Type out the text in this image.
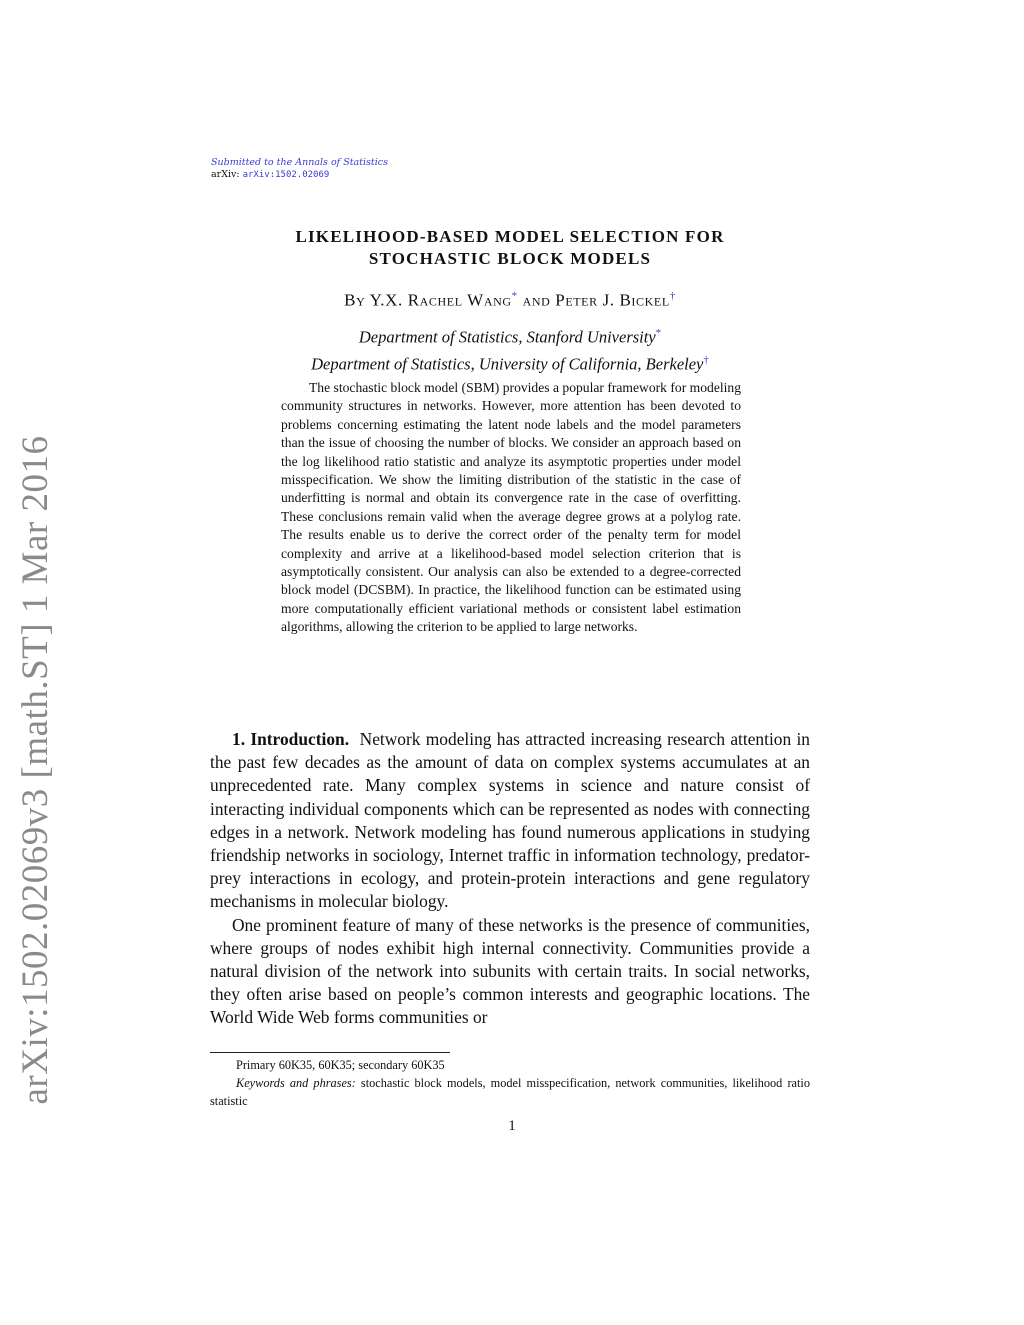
arXiv:1502.02069v3 [math.ST] 1 Mar 2016
Submitted to the Annals of Statistics
arXiv: arXiv:1502.02069
LIKELIHOOD-BASED MODEL SELECTION FOR
STOCHASTIC BLOCK MODELS
By Y.X. Rachel Wang* and Peter J. Bickel†
Department of Statistics, Stanford University*
Department of Statistics, University of California, Berkeley†
The stochastic block model (SBM) provides a popular framework for modeling community structures in networks. However, more attention has been devoted to problems concerning estimating the latent node labels and the model parameters than the issue of choosing the number of blocks. We consider an approach based on the log likelihood ratio statistic and analyze its asymptotic properties under model misspecification. We show the limiting distribution of the statistic in the case of underfitting is normal and obtain its convergence rate in the case of overfitting. These conclusions remain valid when the average degree grows at a polylog rate. The results enable us to derive the correct order of the penalty term for model complexity and arrive at a likelihood-based model selection criterion that is asymptotically consistent. Our analysis can also be extended to a degree-corrected block model (DCSBM). In practice, the likelihood function can be estimated using more computationally efficient variational methods or consistent label estimation algorithms, allowing the criterion to be applied to large networks.

1. Introduction. Network modeling has attracted increasing research attention in the past few decades as the amount of data on complex systems accumulates at an unprecedented rate. Many complex systems in science and nature consist of interacting individual components which can be represented as nodes with connecting edges in a network. Network modeling has found numerous applications in studying friendship networks in sociology, Internet traffic in information technology, predator-prey interactions in ecology, and protein-protein interactions and gene regulatory mechanisms in molecular biology.

One prominent feature of many of these networks is the presence of communities, where groups of nodes exhibit high internal connectivity. Communities provide a natural division of the network into subunits with certain traits. In social networks, they often arise based on people’s common interests and geographic locations. The World Wide Web forms communities or

Primary 60K35, 60K35; secondary 60K35

Keywords and phrases: stochastic block models, model misspecification, network communities, likelihood ratio statistic

1
